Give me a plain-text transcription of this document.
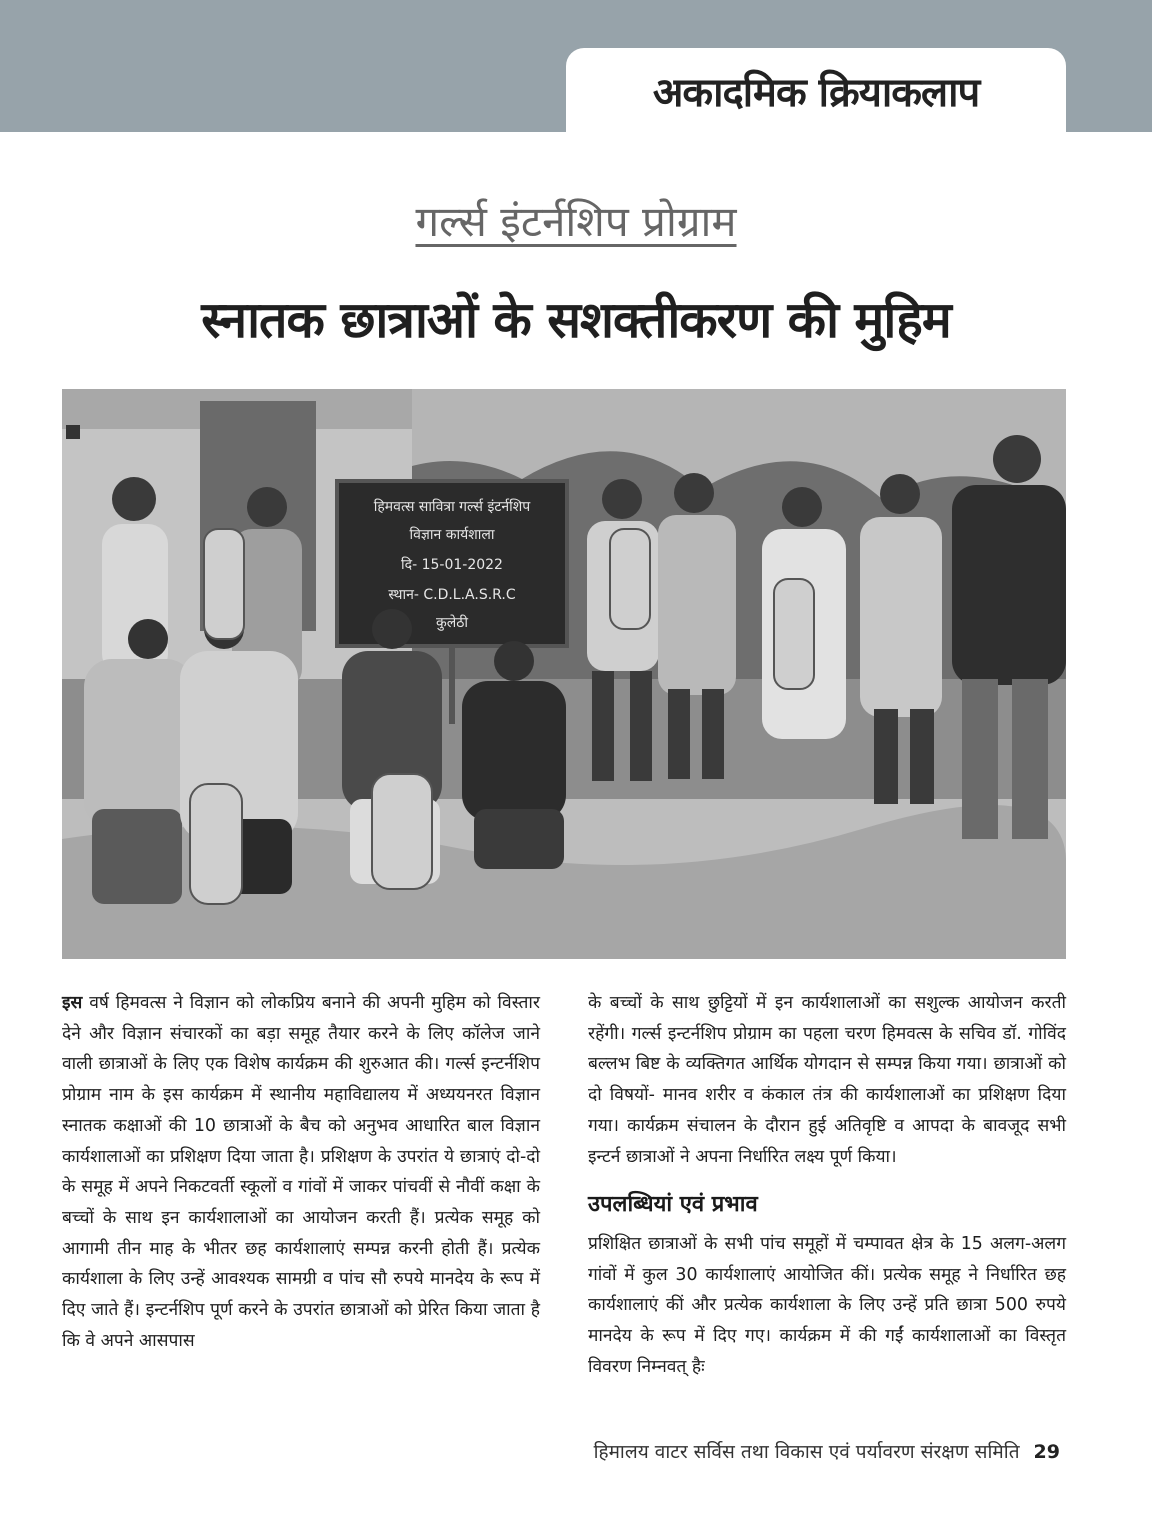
अकादमिक क्रियाकलाप
गर्ल्स इंटर्नशिप प्रोग्राम
स्नातक छात्राओं के सशक्तीकरण की मुहिम
हिमवत्स सावित्रा गर्ल्स इंटर्नशिप
विज्ञान कार्यशाला
दि- 15-01-2022
स्थान- C.D.L.A.S.R.C
कुलेठी

इस वर्ष हिमवत्स ने विज्ञान को लोकप्रिय बनाने की अपनी मुहिम को विस्तार देने और विज्ञान संचारकों का बड़ा समूह तैयार करने के लिए कॉलेज जाने वाली छात्राओं के लिए एक विशेष कार्यक्रम की शुरुआत की। गर्ल्स इन्टर्नशिप प्रोग्राम नाम के इस कार्यक्रम में स्थानीय महाविद्यालय में अध्ययनरत विज्ञान स्नातक कक्षाओं की 10 छात्राओं के बैच को अनुभव आधारित बाल विज्ञान कार्यशालाओं का प्रशिक्षण दिया जाता है। प्रशिक्षण के उपरांत ये छात्राएं दो-दो के समूह में अपने निकटवर्ती स्कूलों व गांवों में जाकर पांचवीं से नौवीं कक्षा के बच्चों के साथ इन कार्यशालाओं का आयोजन करती हैं। प्रत्येक समूह को आगामी तीन माह के भीतर छह कार्यशालाएं सम्पन्न करनी होती हैं। प्रत्येक कार्यशाला के लिए उन्हें आवश्यक सामग्री व पांच सौ रुपये मानदेय के रूप में दिए जाते हैं। इन्टर्नशिप पूर्ण करने के उपरांत छात्राओं को प्रेरित किया जाता है कि वे अपने आसपास

के बच्चों के साथ छुट्टियों में इन कार्यशालाओं का सशुल्क आयोजन करती रहेंगी। गर्ल्स इन्टर्नशिप प्रोग्राम का पहला चरण हिमवत्स के सचिव डॉ. गोविंद बल्लभ बिष्ट के व्यक्तिगत आर्थिक योगदान से सम्पन्न किया गया। छात्राओं को दो विषयों- मानव शरीर व कंकाल तंत्र की कार्यशालाओं का प्रशिक्षण दिया गया। कार्यक्रम संचालन के दौरान हुई अतिवृष्टि व आपदा के बावजूद सभी इन्टर्न छात्राओं ने अपना निर्धारित लक्ष्य पूर्ण किया।

उपलब्धियां एवं प्रभाव

प्रशिक्षित छात्राओं के सभी पांच समूहों में चम्पावत क्षेत्र के 15 अलग-अलग गांवों में कुल 30 कार्यशालाएं आयोजित कीं। प्रत्येक समूह ने निर्धारित छह कार्यशालाएं कीं और प्रत्येक कार्यशाला के लिए उन्हें प्रति छात्रा 500 रुपये मानदेय के रूप में दिए गए। कार्यक्रम में की गईं कार्यशालाओं का विस्तृत विवरण निम्नवत् हैः

हिमालय वाटर सर्विस तथा विकास एवं पर्यावरण संरक्षण समिति 29
